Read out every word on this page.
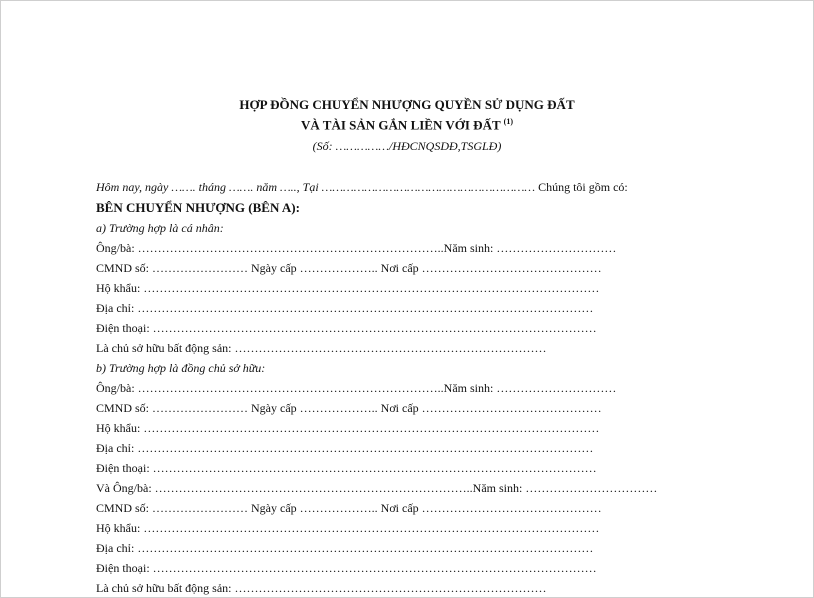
HỢP ĐỒNG CHUYỂN NHƯỢNG QUYỀN SỬ DỤNG ĐẤT
VÀ TÀI SẢN GẮN LIỀN VỚI ĐẤT $^{(1)}$
(Số: ……………/HĐCNQSDĐ,TSGLĐ)
Hôm nay, ngày ……. tháng ……. năm ….., Tại …………………………………………………… Chúng tôi gồm có:
BÊN CHUYỂN NHƯỢNG (BÊN A):
a) Trường hợp là cá nhân:
Ông/bà: …………………………………………………………………..Năm sinh: …………………………
CMND số: …………………… Ngày cấp ……………….. Nơi cấp ………………………………………
Hộ khẩu: ……………………………………………………………………………………………………
Địa chỉ: ……………………………………………………………………………………………………
Điện thoại: …………………………………………………………………………………………………
Là chủ sở hữu bất động sản: ……………………………………………………………………
b) Trường hợp là đồng chủ sở hữu:
Ông/bà: …………………………………………………………………..Năm sinh: …………………………
CMND số: …………………… Ngày cấp ……………….. Nơi cấp ………………………………………
Hộ khẩu: ……………………………………………………………………………………………………
Địa chỉ: ……………………………………………………………………………………………………
Điện thoại: …………………………………………………………………………………………………
Và Ông/bà: ……………………………………………………………………..Năm sinh: ……………………………
CMND số: …………………… Ngày cấp ……………….. Nơi cấp ………………………………………
Hộ khẩu: ……………………………………………………………………………………………………
Địa chỉ: ……………………………………………………………………………………………………
Điện thoại: …………………………………………………………………………………………………
Là chủ sở hữu bất động sản: ……………………………………………………………………
